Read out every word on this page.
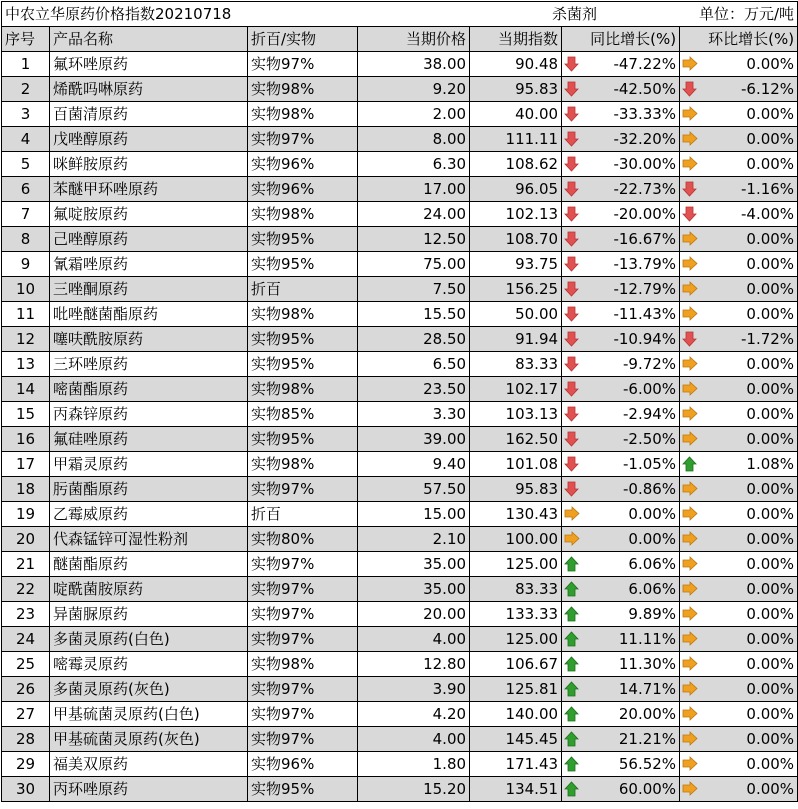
中农立华原药价格指数20210718				杀菌剂		单位：万元/吨
序号	产品名称	折百/实物	当期价格	当期指数	同比增长(%)	环比增长(%)
1	氟环唑原药	实物97%	38.00	90.48	-47.22%	0.00%

2	烯酰吗啉原药	实物98%	9.20	95.83	-42.50%	-6.12%

3	百菌清原药	实物98%	2.00	40.00	-33.33%	0.00%

4	戊唑醇原药	实物97%	8.00	111.11	-32.20%	0.00%

5	咪鲜胺原药	实物96%	6.30	108.62	-30.00%	0.00%

6	苯醚甲环唑原药	实物96%	17.00	96.05	-22.73%	-1.16%

7	氟啶胺原药	实物98%	24.00	102.13	-20.00%	-4.00%

8	己唑醇原药	实物95%	12.50	108.70	-16.67%	0.00%

9	氰霜唑原药	实物95%	75.00	93.75	-13.79%	0.00%

10	三唑酮原药	折百	7.50	156.25	-12.79%	0.00%

11	吡唑醚菌酯原药	实物98%	15.50	50.00	-11.43%	0.00%

12	噻呋酰胺原药	实物95%	28.50	91.94	-10.94%	-1.72%

13	三环唑原药	实物95%	6.50	83.33	-9.72%	0.00%

14	嘧菌酯原药	实物98%	23.50	102.17	-6.00%	0.00%

15	丙森锌原药	实物85%	3.30	103.13	-2.94%	0.00%

16	氟硅唑原药	实物95%	39.00	162.50	-2.50%	0.00%

17	甲霜灵原药	实物98%	9.40	101.08	-1.05%	1.08%

18	肟菌酯原药	实物97%	57.50	95.83	-0.86%	0.00%

19	乙霉威原药	折百	15.00	130.43	0.00%	0.00%

20	代森锰锌可湿性粉剂	实物80%	2.10	100.00	0.00%	0.00%

21	醚菌酯原药	实物97%	35.00	125.00	6.06%	0.00%

22	啶酰菌胺原药	实物97%	35.00	83.33	6.06%	0.00%

23	异菌脲原药	实物97%	20.00	133.33	9.89%	0.00%

24	多菌灵原药(白色)	实物97%	4.00	125.00	11.11%	0.00%

25	嘧霉灵原药	实物98%	12.80	106.67	11.30%	0.00%

26	多菌灵原药(灰色)	实物97%	3.90	125.81	14.71%	0.00%

27	甲基硫菌灵原药(白色)	实物97%	4.20	140.00	20.00%	0.00%

28	甲基硫菌灵原药(灰色)	实物97%	4.00	145.45	21.21%	0.00%

29	福美双原药	实物96%	1.80	171.43	56.52%	0.00%

30	丙环唑原药	实物95%	15.20	134.51	60.00%	0.00%
